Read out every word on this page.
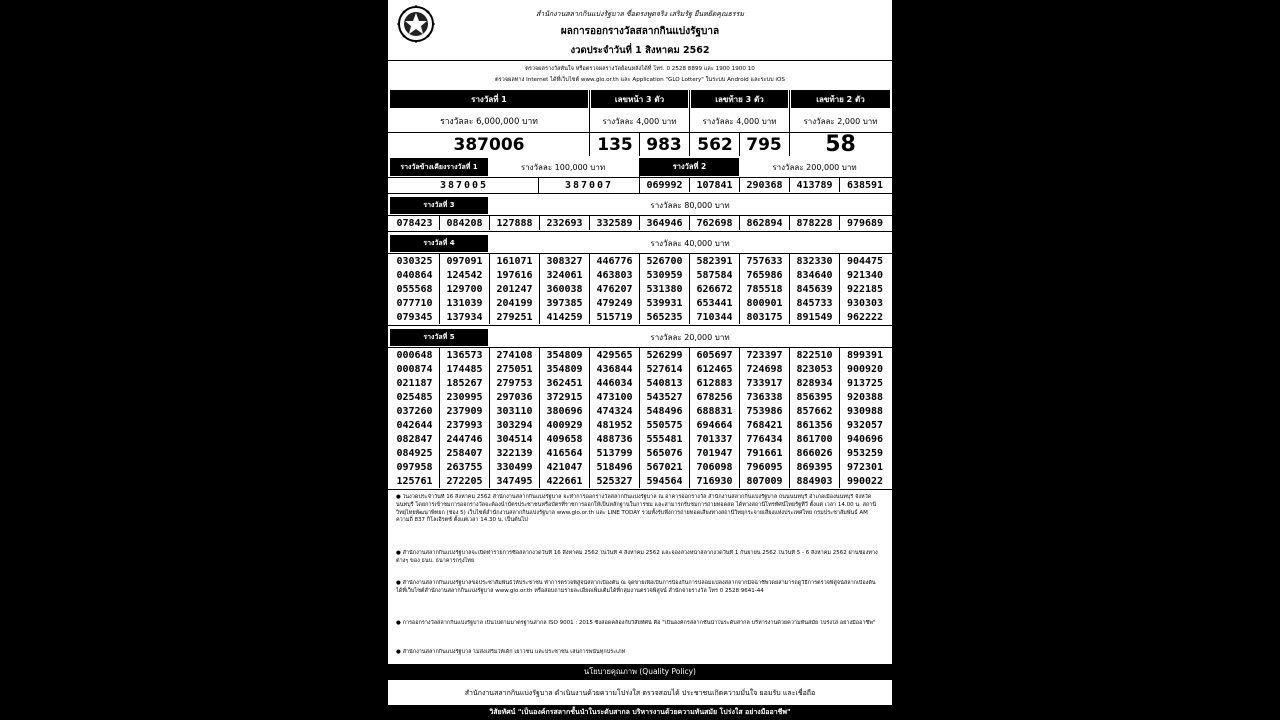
สำนักงานสลากกินแบ่งรัฐบาล ซื่อตรงพูดจริง เสริมรัฐ ยืนหยัดคุณธรรม
ผลการออกรางวัลสลากกินแบ่งรัฐบาล
งวดประจำวันที่ 1 สิงหาคม 2562
ตรวจผลรางวัลทันใจ หรือตรวจผลรางวัลย้อนหลังได้ที่ โทร. 0 2528 8899 และ 1900 1900 10
ตรวจผลทาง Internet ได้ที่เว็บไซต์ www.glo.or.th และ Application "GLO Lottery" ในระบบ Android และระบบ iOS
รางวัลที่ 1	เลขหน้า 3 ตัว	เลขท้าย 3 ตัว	เลขท้าย 2 ตัว
รางวัลละ 6,000,000 บาท	รางวัลละ 4,000 บาท	รางวัลละ 4,000 บาท	รางวัลละ 2,000 บาท
387006	135 983 562 795	58
รางวัลข้างเคียงรางวัลที่ 1	รางวัลละ 100,000 บาท	รางวัลที่ 2	รางวัลละ 200,000 บาท
387005	387007	069992	107841	290368	413789	638591
รางวัลที่ 3	รางวัลละ 80,000 บาท
078423	084208	127888	232693	332589	364946	762698	862894	878228	979689
รางวัลที่ 4	รางวัลละ 40,000 บาท
030325	097091	161071	308327	446776	526700	582391	757633	832330	904475
040864	124542	197616	324061	463803	530959	587584	765986	834640	921340
055568	129700	201247	360038	476207	531380	626672	785518	845639	922185
077710	131039	204199	397385	479249	539931	653441	800901	845733	930303
079345	137934	279251	414259	515719	565235	710344	803175	891549	962222
รางวัลที่ 5	รางวัลละ 20,000 บาท
000648	136573	274108	354809	429565	526299	605697	723397	822510	899391
000874	174485	275051	354809	436844	527614	612465	724698	823053	900920
021187	185267	279753	362451	446034	540813	612883	733917	828934	913725
025485	230995	297036	372915	473100	543527	678256	736338	856395	920388
037260	237909	303110	380696	474324	548496	688831	753986	857662	930988
042644	237993	303294	400929	481952	550575	694664	768421	861356	932057
082847	244746	304514	409658	488736	555481	701337	776434	861700	940696
084925	258407	322139	416564	513799	565076	701947	791661	866026	953259
097958	263755	330499	421047	518496	567021	706098	796095	869395	972301
125761	272205	347495	422661	525327	594564	716930	807009	884903	990022
● ในงวดประจำวันที่ 16 สิงหาคม 2562 สำนักงานสลากกินแบ่งรัฐบาล จะทำการออกรางวัลสลากกินแบ่งรัฐบาล ณ อาคารออกรางวัล สำนักงานสลากกินแบ่งรัฐบาล ถนนนนทบุรี อำเภอเมืองนนทบุรี จังหวัดนนทบุรี โดยการเข้าชมการออกรางวัลจะต้องนำบัตรประชาชนหรือบัตรที่ราชการออกให้เป็นหลักฐานในการชม และสามารถรับชมการถ่ายทอดสด ได้ทางสถานีโทรทัศน์ไทยรัฐทีวี ตั้งแต่ เวลา 14.00 น. สถานีวิทยุไทยพัฒนาพิทยก (ช่อง 5) เว็บไซต์สำนักงานสลากกินแบ่งรัฐบาล www.glo.or.th และ LINE TODAY รวมทั้งรับฟังการถ่ายทอดเสียงทางสถานีวิทยุกระจายเสียงแห่งประเทศไทย กรมประชาสัมพันธ์ AM ความถี่ 837 กิโลเฮิรตซ์ ตั้งแต่เวลา 14.30 น. เป็นต้นไป
● สำนักงานสลากกินแบ่งรัฐบาลจะเปิดทำรายการซื้อสลากงวดวันที่ 16 สิงหาคม 2562 ในวันที่ 4 สิงหาคม 2562 และจองล่วงหน้าสลากงวดวันที่ 1 กันยายน 2562 ในวันที่ 5 - 6 สิงหาคม 2562 ผ่านช่องทางต่างๆ ของ ธนบ. ธนาคารกรุงไทย
● สำนักงานสลากกินแบ่งรัฐบาลขอประชาสัมพันธ์ให้ประชาชน ทำการตรวจพิสูจน์สลากเบื้องต้น ณ จุดขายเพื่อเป็นการป้องกันการปลอมแปลงสลากจากมิจฉาชีพโดยสามารถดูวิธีการตรวจพิสูจน์สลากเบื้องต้นได้ที่เว็บไซต์สำนักงานสลากกินแบ่งรัฐบาล www.glo.or.th หรือสอบถามรายละเอียดเพิ่มเติมได้ที่กลุ่มงานตรวจพิสูจน์ สำนักจ่ายรางวัล โทร 0 2528 9641-44
● การออกรางวัลสลากกินแบ่งรัฐบาล เป็นไปตามมาตรฐานสากล ISO 9001 : 2015 ซึ่งสอดคล้องกับวิสัยทัศน์ คือ "เป็นองค์กรสลากชั้นนำในระดับสากล บริหารงานด้วยความทันสมัย โปร่งใส อย่างมืออาชีพ"
● สำนักงานสลากกินแบ่งรัฐบาล ไม่ส่งเสริมให้เด็ก เยาวชน และประชาชน เล่นการพนันทุกประเภท
นโยบายคุณภาพ (Quality Policy)
สำนักงานสลากกินแบ่งรัฐบาล ดำเนินงานด้วยความโปร่งใส ตรวจสอบได้ ประชาชนเกิดความมั่นใจ ยอมรับ และเชื่อถือ
วิสัยทัศน์ "เป็นองค์กรสลากชั้นนำในระดับสากล บริหารงานด้วยความทันสมัย โปร่งใส อย่างมืออาชีพ"
